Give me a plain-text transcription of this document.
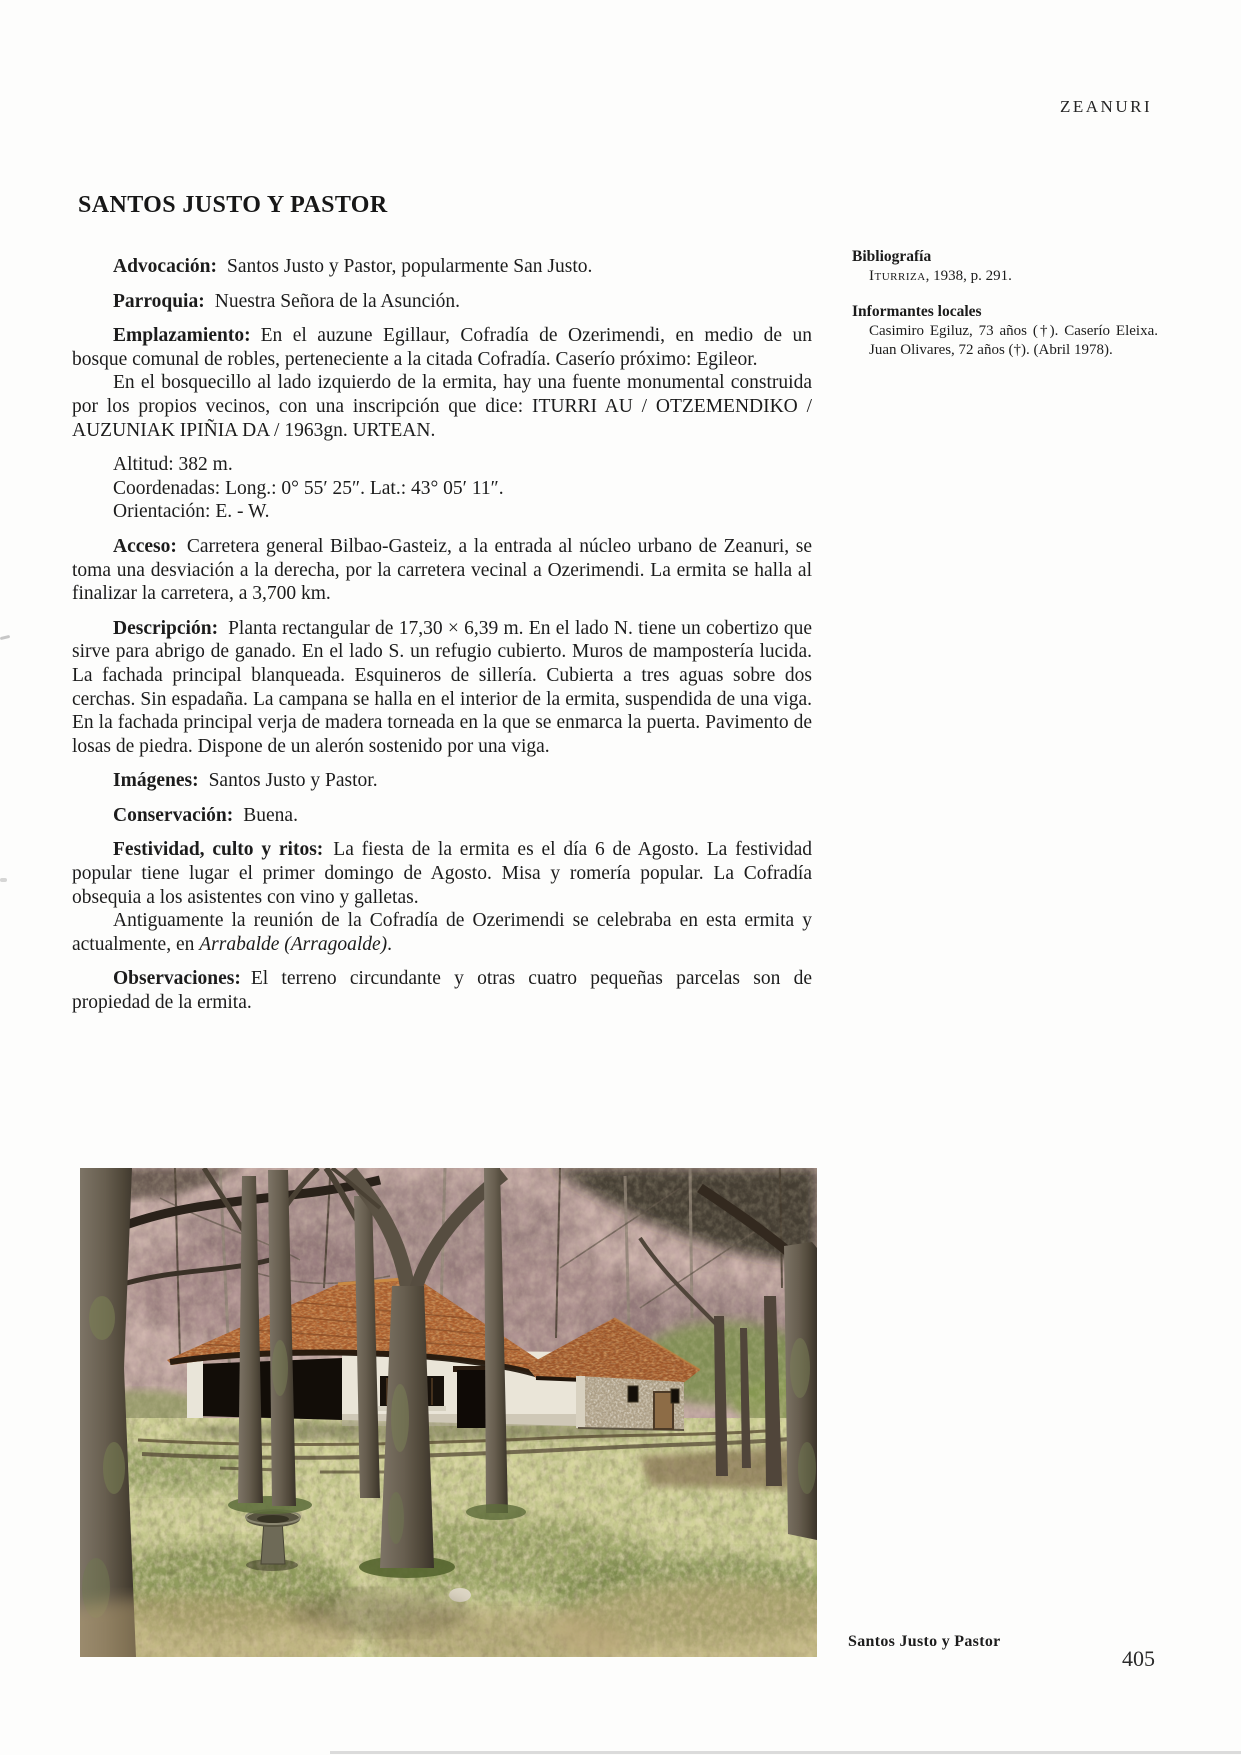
ZEANURI
SANTOS JUSTO Y PASTOR

Advocación: Santos Justo y Pastor, popularmente San Justo.

Parroquia: Nuestra Señora de la Asunción.

Emplazamiento: En el auzune Egillaur, Cofradía de Ozerimendi, en medio de un bosque comunal de robles, perteneciente a la citada Cofradía. Caserío próximo: Egileor.

En el bosquecillo al lado izquierdo de la ermita, hay una fuente monumental construida por los propios vecinos, con una inscripción que dice: ITURRI AU / OTZEMENDIKO / AUZUNIAK IPIÑIA DA / 1963gn. URTEAN.

Altitud: 382 m.
Coordenadas: Long.: 0° 55′ 25″. Lat.: 43° 05′ 11″.
Orientación: E. - W.

Acceso: Carretera general Bilbao-Gasteiz, a la entrada al núcleo urbano de Zeanuri, se toma una desviación a la derecha, por la carretera vecinal a Ozerimendi. La ermita se halla al finalizar la carretera, a 3,700 km.

Descripción: Planta rectangular de 17,30 × 6,39 m. En el lado N. tiene un cobertizo que sirve para abrigo de ganado. En el lado S. un refugio cubierto. Muros de mampostería lucida. La fachada principal blanqueada. Esquineros de sillería. Cubierta a tres aguas sobre dos cerchas. Sin espadaña. La campana se halla en el interior de la ermita, suspendida de una viga. En la fachada principal verja de madera torneada en la que se enmarca la puerta. Pavimento de losas de piedra. Dispone de un alerón sostenido por una viga.

Imágenes: Santos Justo y Pastor.

Conservación: Buena.

Festividad, culto y ritos: La fiesta de la ermita es el día 6 de Agosto. La festividad popular tiene lugar el primer domingo de Agosto. Misa y romería popular. La Cofradía obsequia a los asistentes con vino y galletas.

Antiguamente la reunión de la Cofradía de Ozerimendi se celebraba en esta ermita y actualmente, en Arrabalde (Arragoalde).

Observaciones: El terreno circundante y otras cuatro pequeñas parcelas son de propiedad de la ermita.

Bibliografía

Iturriza, 1938, p. 291.

Informantes locales

Casimiro Egiluz, 73 años (†). Caserío Eleixa. Juan Olivares, 72 años (†). (Abril 1978).

Santos Justo y Pastor
405
